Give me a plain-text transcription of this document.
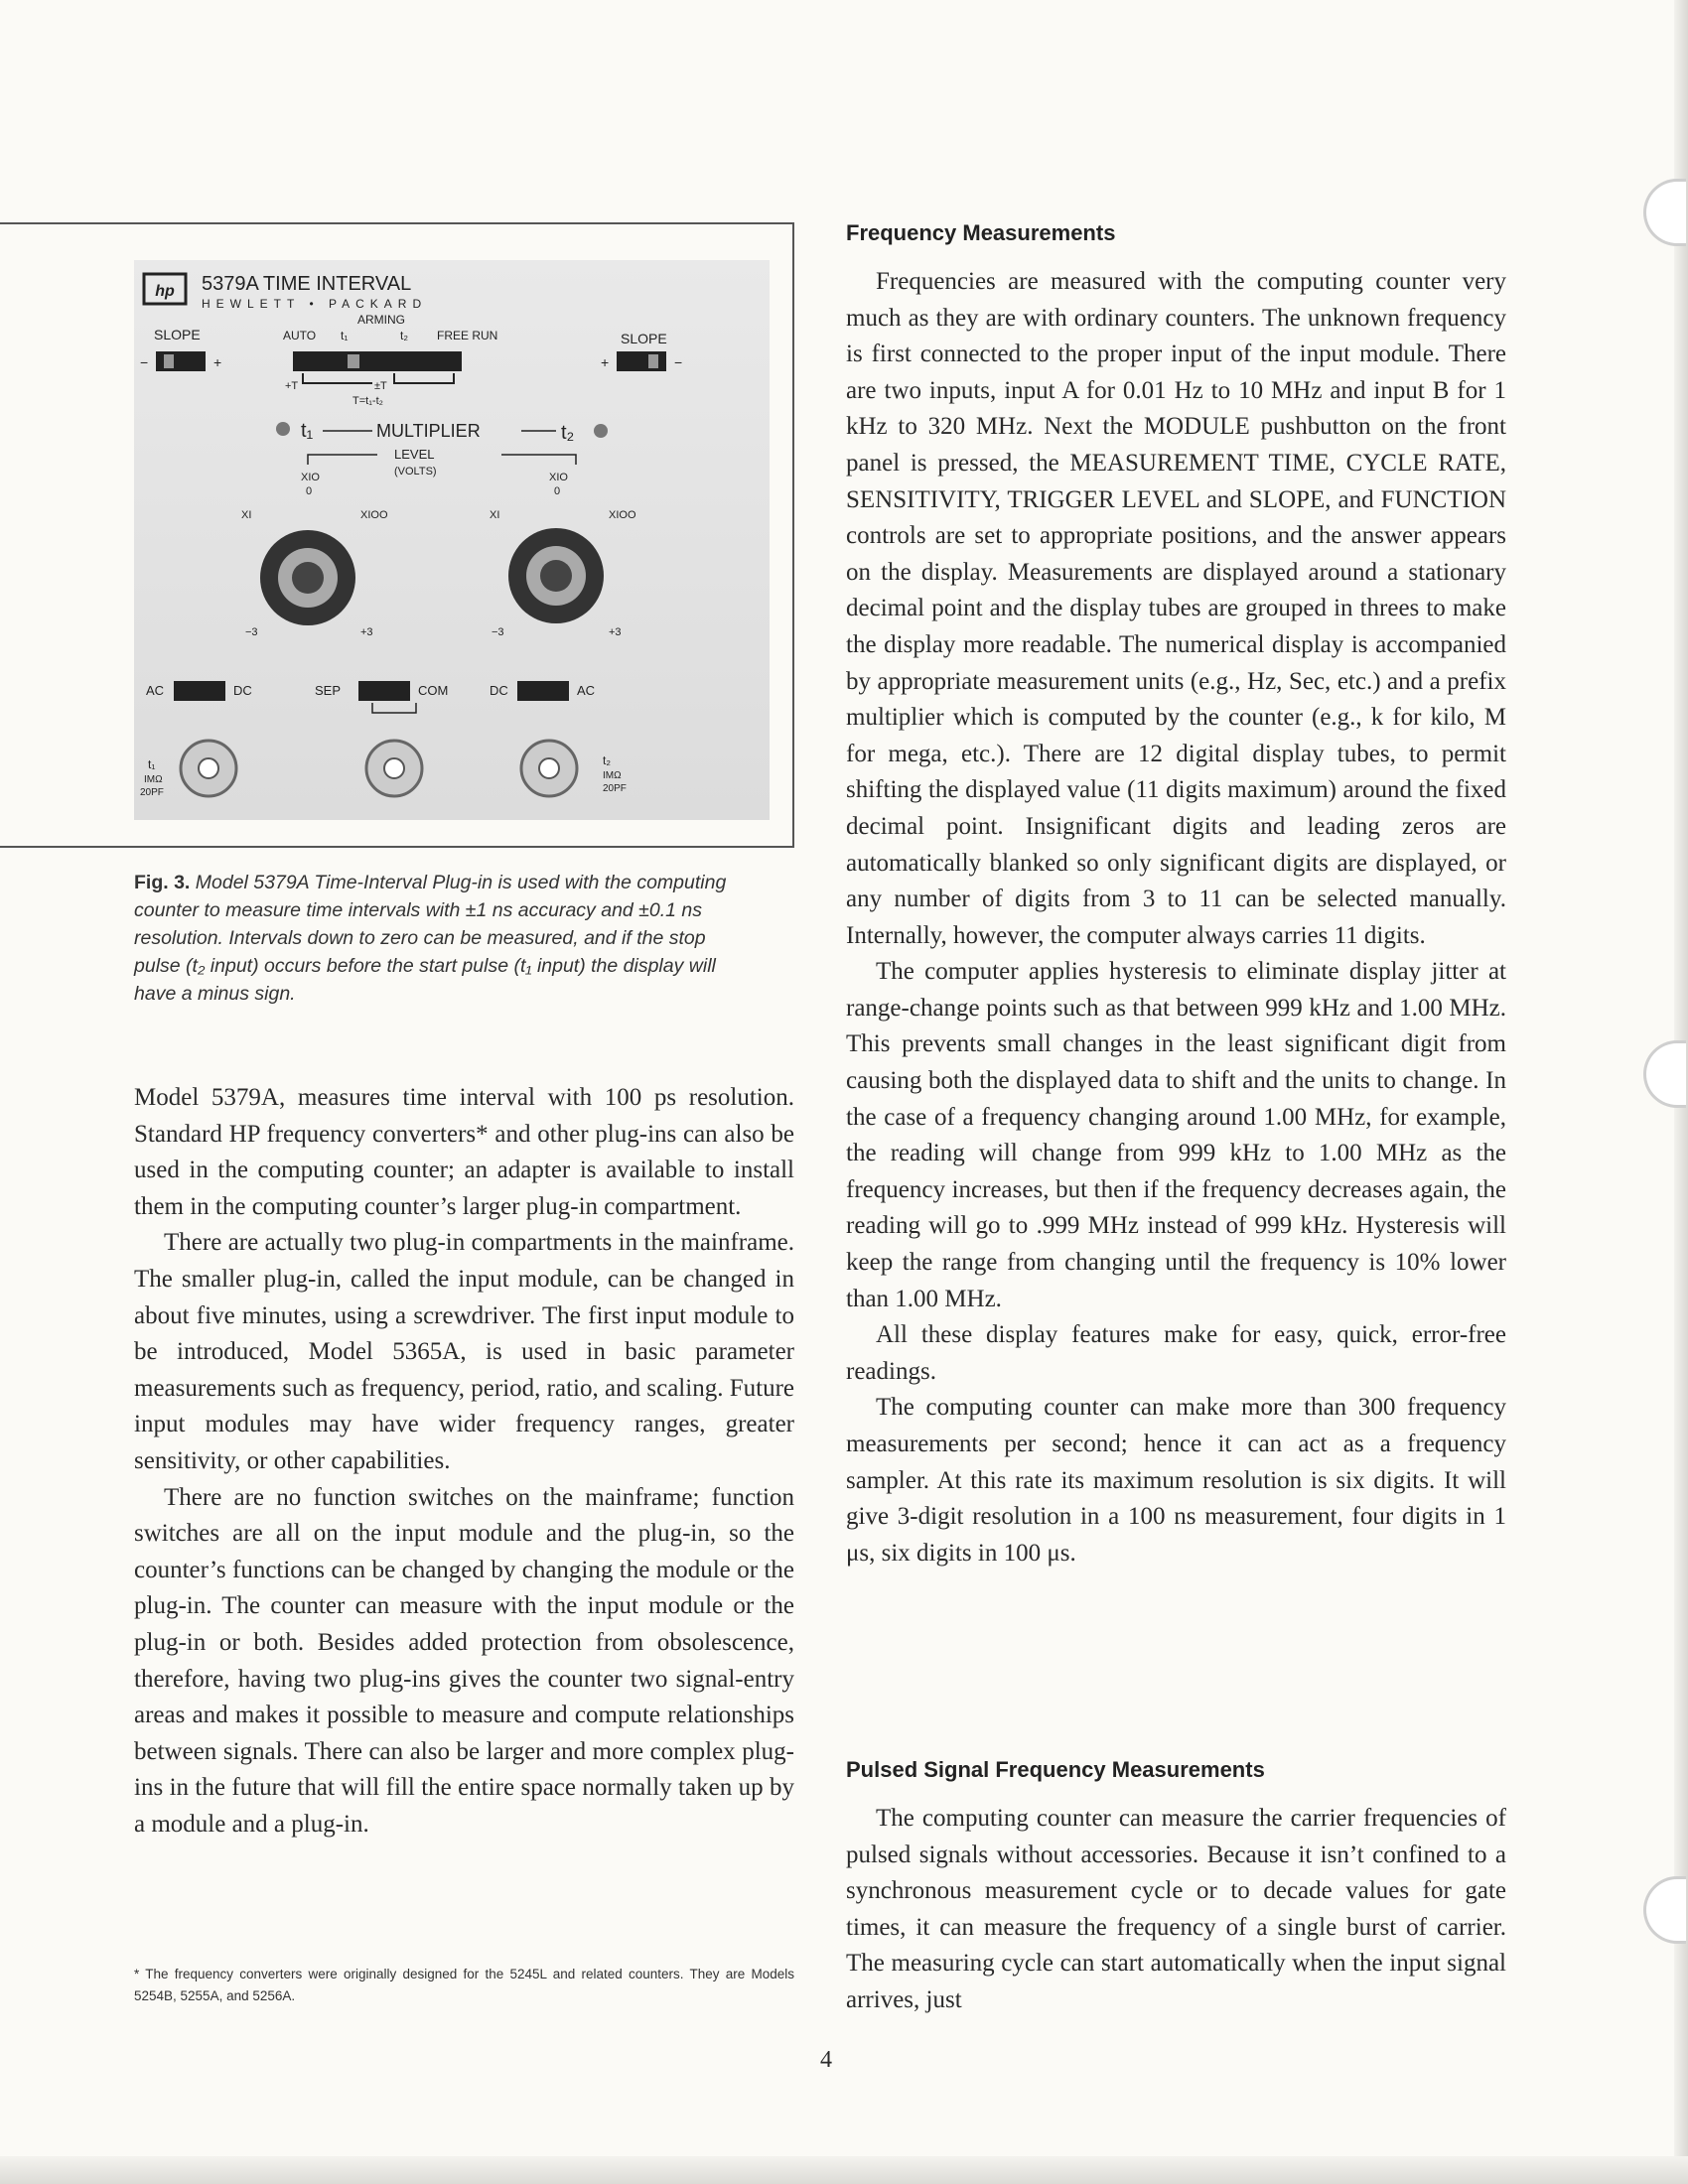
hp 5379A TIME INTERVAL
HEWLETT • PACKARD
SLOPE
−	+
ARMING
AUTO t₁	t₂ FREE RUN
+T	±T
T=t₁-t₂
SLOPE
+	−
t₁	MULTIPLIER	t₂
LEVEL
(VOLTS)
XIO
0
XI	XIOO
−3	+3
XIO
0
XI	XIOO
−3	+3
AC	DC	SEP	COM	DC	AC
t₁
IMΩ
20PF
t₂
IMΩ
20PF
Fig. 3. Model 5379A Time-Interval Plug-in is used with the computing counter to measure time intervals with ±1 ns accuracy and ±0.1 ns resolution. Intervals down to zero can be measured, and if the stop pulse (t₂ input) occurs before the start pulse (t₁ input) the display will have a minus sign.

Model 5379A, measures time interval with 100 ps resolution. Standard HP frequency converters* and other plug-ins can also be used in the computing counter; an adapter is available to install them in the computing counter’s larger plug-in compartment.

There are actually two plug-in compartments in the mainframe. The smaller plug-in, called the input module, can be changed in about five minutes, using a screwdriver. The first input module to be introduced, Model 5365A, is used in basic parameter measurements such as frequency, period, ratio, and scaling. Future input modules may have wider frequency ranges, greater sensitivity, or other capabilities.

There are no function switches on the mainframe; function switches are all on the input module and the plug-in, so the counter’s functions can be changed by changing the module or the plug-in. The counter can measure with the input module or the plug-in or both. Besides added protection from obsolescence, therefore, having two plug-ins gives the counter two signal-entry areas and makes it possible to measure and compute relationships between signals. There can also be larger and more complex plug-ins in the future that will fill the entire space normally taken up by a module and a plug-in.

* The frequency converters were originally designed for the 5245L and related counters. They are Models 5254B, 5255A, and 5256A.
Frequency Measurements

Frequencies are measured with the computing counter very much as they are with ordinary counters. The unknown frequency is first connected to the proper input of the input module. There are two inputs, input A for 0.01 Hz to 10 MHz and input B for 1 kHz to 320 MHz. Next the MODULE pushbutton on the front panel is pressed, the MEASUREMENT TIME, CYCLE RATE, SENSITIVITY, TRIGGER LEVEL and SLOPE, and FUNCTION controls are set to appropriate positions, and the answer appears on the display. Measurements are displayed around a stationary decimal point and the display tubes are grouped in threes to make the display more readable. The numerical display is accompanied by appropriate measurement units (e.g., Hz, Sec, etc.) and a prefix multiplier which is computed by the counter (e.g., k for kilo, M for mega, etc.). There are 12 digital display tubes, to permit shifting the displayed value (11 digits maximum) around the fixed decimal point. Insignificant digits and leading zeros are automatically blanked so only significant digits are displayed, or any number of digits from 3 to 11 can be selected manually. Internally, however, the computer always carries 11 digits.

The computer applies hysteresis to eliminate display jitter at range-change points such as that between 999 kHz and 1.00 MHz. This prevents small changes in the least significant digit from causing both the displayed data to shift and the units to change. In the case of a frequency changing around 1.00 MHz, for example, the reading will change from 999 kHz to 1.00 MHz as the frequency increases, but then if the frequency decreases again, the reading will go to .999 MHz instead of 999 kHz. Hysteresis will keep the range from changing until the frequency is 10% lower than 1.00 MHz.

All these display features make for easy, quick, error-free readings.

The computing counter can make more than 300 frequency measurements per second; hence it can act as a frequency sampler. At this rate its maximum resolution is six digits. It will give 3-digit resolution in a 100 ns measurement, four digits in 1 μs, six digits in 100 μs.

Pulsed Signal Frequency Measurements

The computing counter can measure the carrier frequencies of pulsed signals without accessories. Because it isn’t confined to a synchronous measurement cycle or to decade values for gate times, it can measure the frequency of a single burst of carrier. The measuring cycle can start automatically when the input signal arrives, just

4
